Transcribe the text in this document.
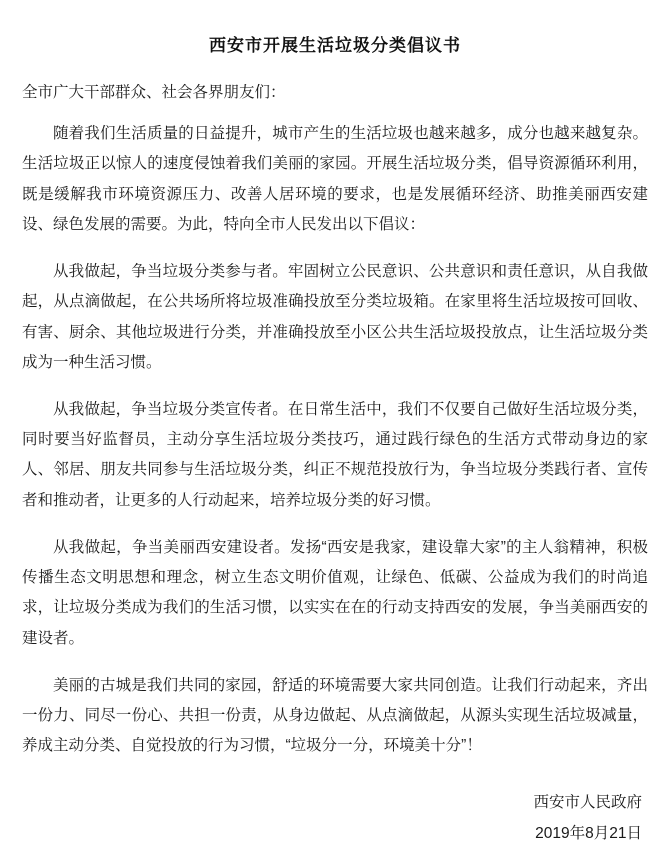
西安市开展生活垃圾分类倡议书
全市广大干部群众、社会各界朋友们：

随着我们生活质量的日益提升，城市产生的生活垃圾也越来越多，成分也越来越复杂。生活垃圾正以惊人的速度侵蚀着我们美丽的家园。开展生活垃圾分类，倡导资源循环利用，既是缓解我市环境资源压力、改善人居环境的要求，也是发展循环经济、助推美丽西安建设、绿色发展的需要。为此，特向全市人民发出以下倡议：

从我做起，争当垃圾分类参与者。牢固树立公民意识、公共意识和责任意识，从自我做起，从点滴做起，在公共场所将垃圾准确投放至分类垃圾箱。在家里将生活垃圾按可回收、有害、厨余、其他垃圾进行分类，并准确投放至小区公共生活垃圾投放点，让生活垃圾分类成为一种生活习惯。

从我做起，争当垃圾分类宣传者。在日常生活中，我们不仅要自己做好生活垃圾分类，同时要当好监督员，主动分享生活垃圾分类技巧，通过践行绿色的生活方式带动身边的家人、邻居、朋友共同参与生活垃圾分类，纠正不规范投放行为，争当垃圾分类践行者、宣传者和推动者，让更多的人行动起来，培养垃圾分类的好习惯。

从我做起，争当美丽西安建设者。发扬“西安是我家，建设靠大家”的主人翁精神，积极传播生态文明思想和理念，树立生态文明价值观，让绿色、低碳、公益成为我们的时尚追求，让垃圾分类成为我们的生活习惯，以实实在在的行动支持西安的发展，争当美丽西安的建设者。

美丽的古城是我们共同的家园，舒适的环境需要大家共同创造。让我们行动起来，齐出一份力、同尽一份心、共担一份责，从身边做起、从点滴做起，从源头实现生活垃圾减量，养成主动分类、自觉投放的行为习惯，“垃圾分一分，环境美十分”！

西安市人民政府
2019年8月21日
